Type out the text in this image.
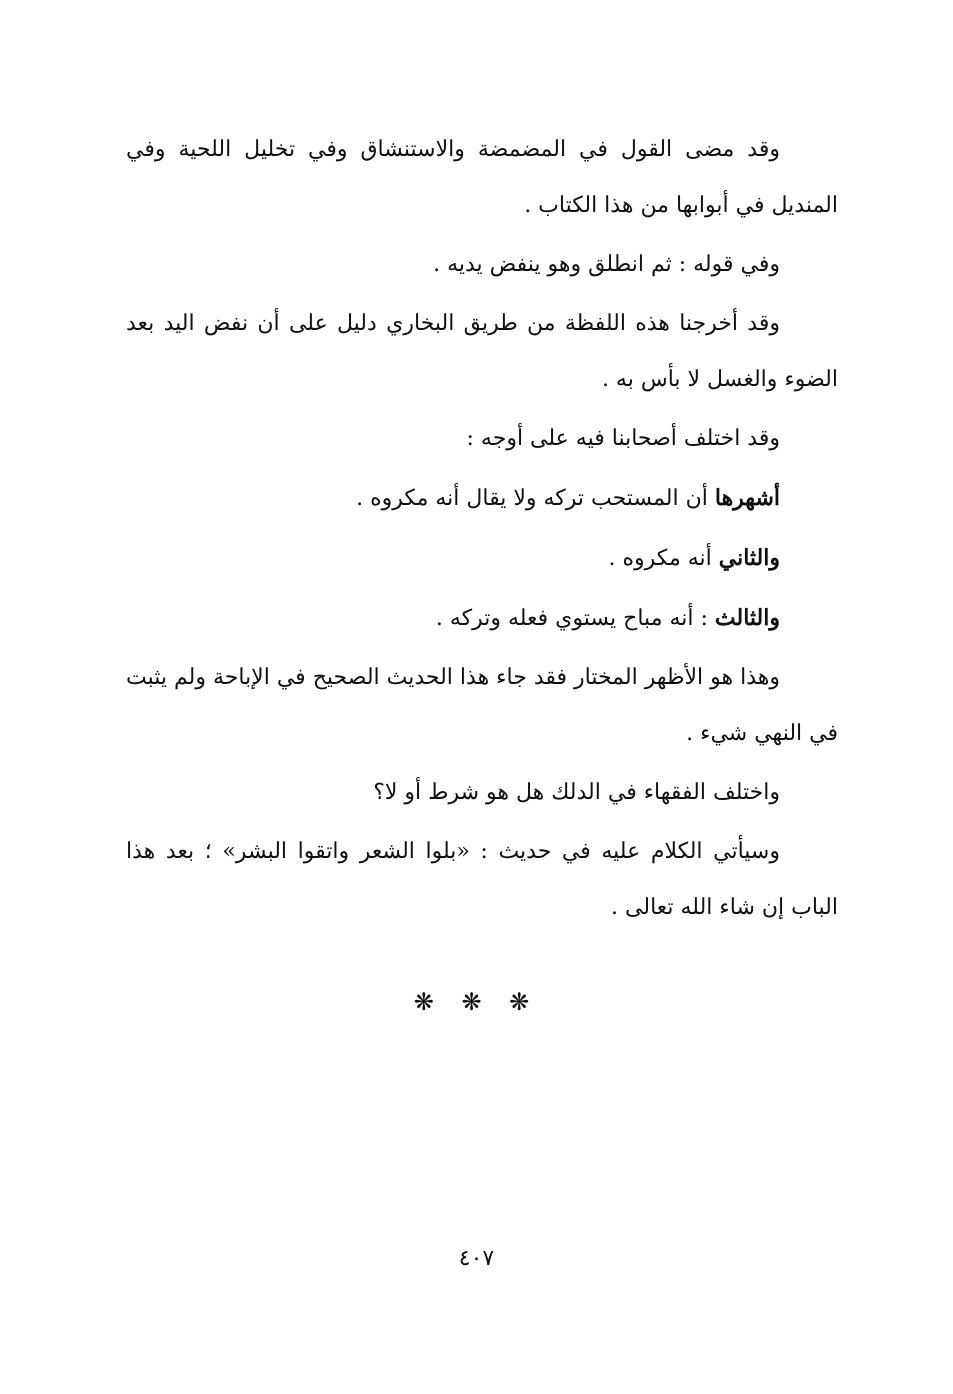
وقد مضى القول في المضمضة والاستنشاق وفي تخليل اللحية وفي المنديل في أبوابها من هذا الكتاب .

وفي قوله : ثم انطلق وهو ينفض يديه .

وقد أخرجنا هذه اللفظة من طريق البخاري دليل على أن نفض اليد بعد الضوء والغسل لا بأس به .

وقد اختلف أصحابنا فيه على أوجه :

أشهرها أن المستحب تركه ولا يقال أنه مكروه .

والثاني أنه مكروه .

والثالث : أنه مباح يستوي فعله وتركه .

وهذا هو الأظهر المختار فقد جاء هذا الحديث الصحيح في الإباحة ولم يثبت في النهي شيء .

واختلف الفقهاء في الدلك هل هو شرط أو لا؟

وسيأتي الكلام عليه في حديث : «بلوا الشعر واتقوا البشر» ؛ بعد هذا الباب إن شاء الله تعالى .

❋ ❋ ❋
٤٠٧
